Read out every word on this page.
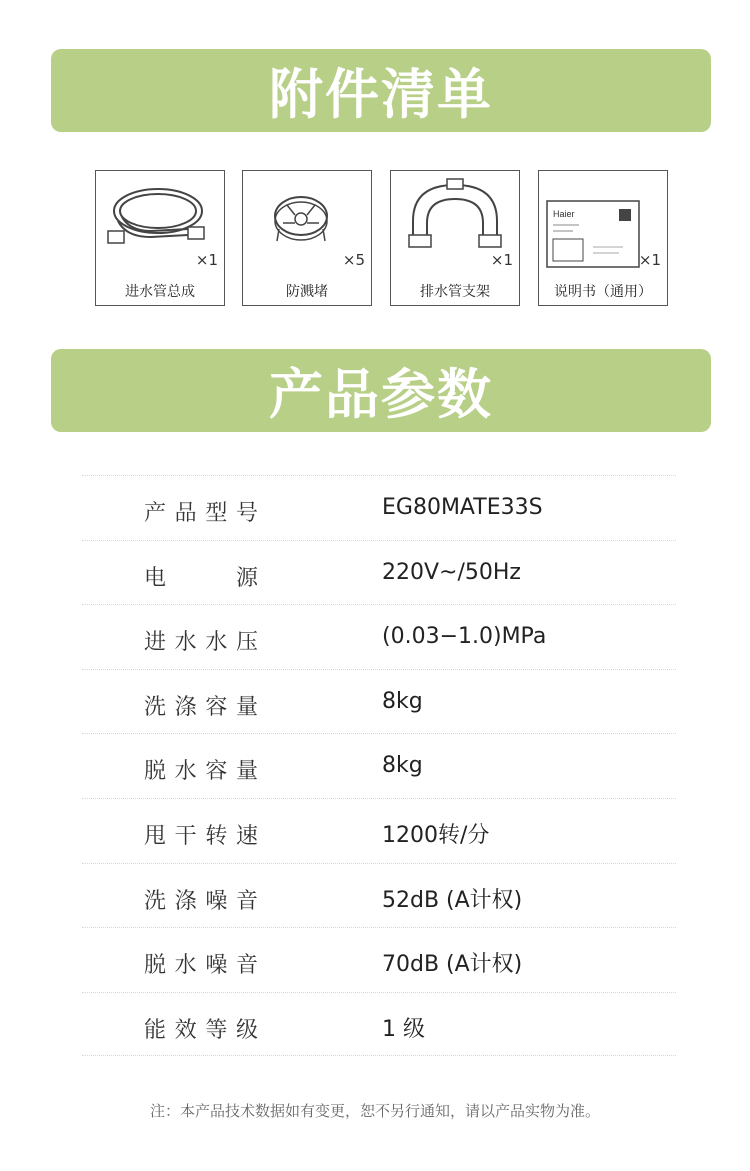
附件清单
×1
进水管总成
×5
防溅堵
×1
排水管支架
Haier
×1
说明书（通用）
产品参数
产品型号	EG80MATE33S
电源	220V~/50Hz
进水水压	(0.03−1.0)MPa
洗涤容量	8kg
脱水容量	8kg
甩干转速	1200转/分
洗涤噪音	52dB (A计权)
脱水噪音	70dB (A计权)
能效等级	1 级
注：本产品技术数据如有变更，恕不另行通知，请以产品实物为准。
